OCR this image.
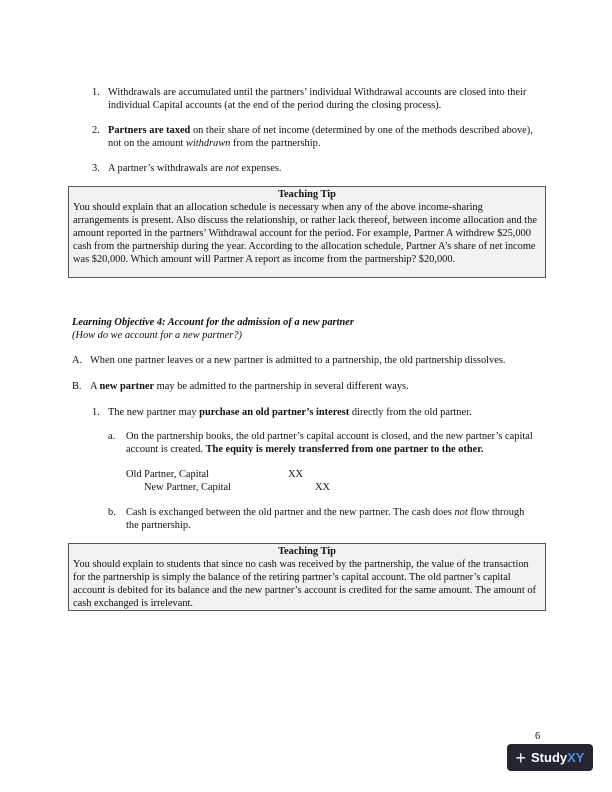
1. Withdrawals are accumulated until the partners’ individual Withdrawal accounts are closed into their individual Capital accounts (at the end of the period during the closing process).
2. Partners are taxed on their share of net income (determined by one of the methods described above), not on the amount withdrawn from the partnership.
3. A partner’s withdrawals are not expenses.
Teaching Tip
You should explain that an allocation schedule is necessary when any of the above income-sharing arrangements is present. Also discuss the relationship, or rather lack thereof, between income allocation and the amount reported in the partners’ Withdrawal account for the period. For example, Partner A withdrew $25,000 cash from the partnership during the year. According to the allocation schedule, Partner A’s share of net income was $20,000. Which amount will Partner A report as income from the partnership? $20,000.
Learning Objective 4: Account for the admission of a new partner
(How do we account for a new partner?)
A. When one partner leaves or a new partner is admitted to a partnership, the old partnership dissolves.
B. A new partner may be admitted to the partnership in several different ways.
1. The new partner may purchase an old partner’s interest directly from the old partner.
a. On the partnership books, the old partner’s capital account is closed, and the new partner’s capital account is created. The equity is merely transferred from one partner to the other.
Old Partner, Capital	XX
New Partner, Capital	XX
b. Cash is exchanged between the old partner and the new partner. The cash does not flow through the partnership.
Teaching Tip
You should explain to students that since no cash was received by the partnership, the value of the transaction for the partnership is simply the balance of the retiring partner’s capital account. The old partner’s capital account is debited for its balance and the new partner’s account is credited for the same amount. The amount of cash exchanged is irrelevant.
6
+ StudyXY
